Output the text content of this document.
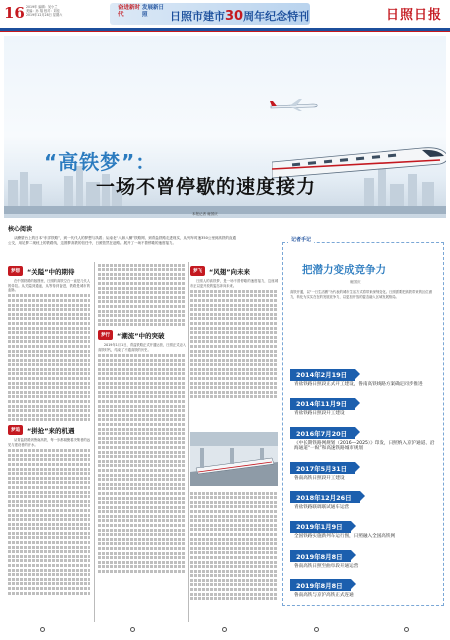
16 2019年 编辑：吴小兰
美编：孙 翔 校对：刘佳
2019年12月28日 星期六
奋进新时代
发展新日照	日照市建市30周年纪念特刊	日照日报
“高铁梦”：
一场不曾停歇的速度接力
本报记者 雍国庆
核心阅读
从瞭望台上的日本“东洋铁路”，到一代代人的梦想与执着；从南北“八纵八横”铁路网、到青盐铁路走进现实，从列车时速350公里到高铁的直通公交，用足梦二现枕上的铁路线，这圆梦高铁的信任中，日照依然在赶路。展开了一场不曾停歇的速度接力。
梦想	“关隘”中的期待
在中国铁路的版图里，日照的高铁空白一直是几代人的牵挂。从关隘到通途，从等待到奋进，铁路是城市的血脉。
梦追	“拼抢”来的机遇
从青盐铁路到鲁南高铁，每一步都凝聚着决策者的远见与建设者的汗水。
梦行	“潮流”中的突破
2019年1月1日，青盐铁路正式开通运营，日照正式迈入高铁时代，结束了不通高铁的历史。
梦飞	“风翅”向未来
日照人的高铁梦，是一场不曾停歇的速度接力，这座城市正以更开放的姿态奔向未来。
记者手记
把潜力变成竞争力
雍国庆
高铁开通，以“一日生活圈”为代表的城市生活方式将带来深刻变化。日照需要把高铁带来的区位潜力，转化为实实在在的发展竞争力，以更加开放的姿态融入区域发展格局。
2014年2月19日
青盐铁路日照段正式开工建设，鲁南高铁线路方案确定同步推进
2014年11月9日
青盐铁路日照段开工建设
2016年7月20日
《中长期铁路网规划（2016—2025）》印发，日照纳入京沪通道、沿海通道“一纵”和高速铁路城市规划
2017年5月31日
鲁南高铁日照段开工建设
2018年12月26日
青盐铁路联调联试通车运营
2019年1月9日
全国铁路实施新列车运行图，日照融入全国高铁网
2019年8月8日
鲁南高铁日照至曲阜段开通运营
2019年8月8日
鲁南高铁与京沪高铁正式连通
